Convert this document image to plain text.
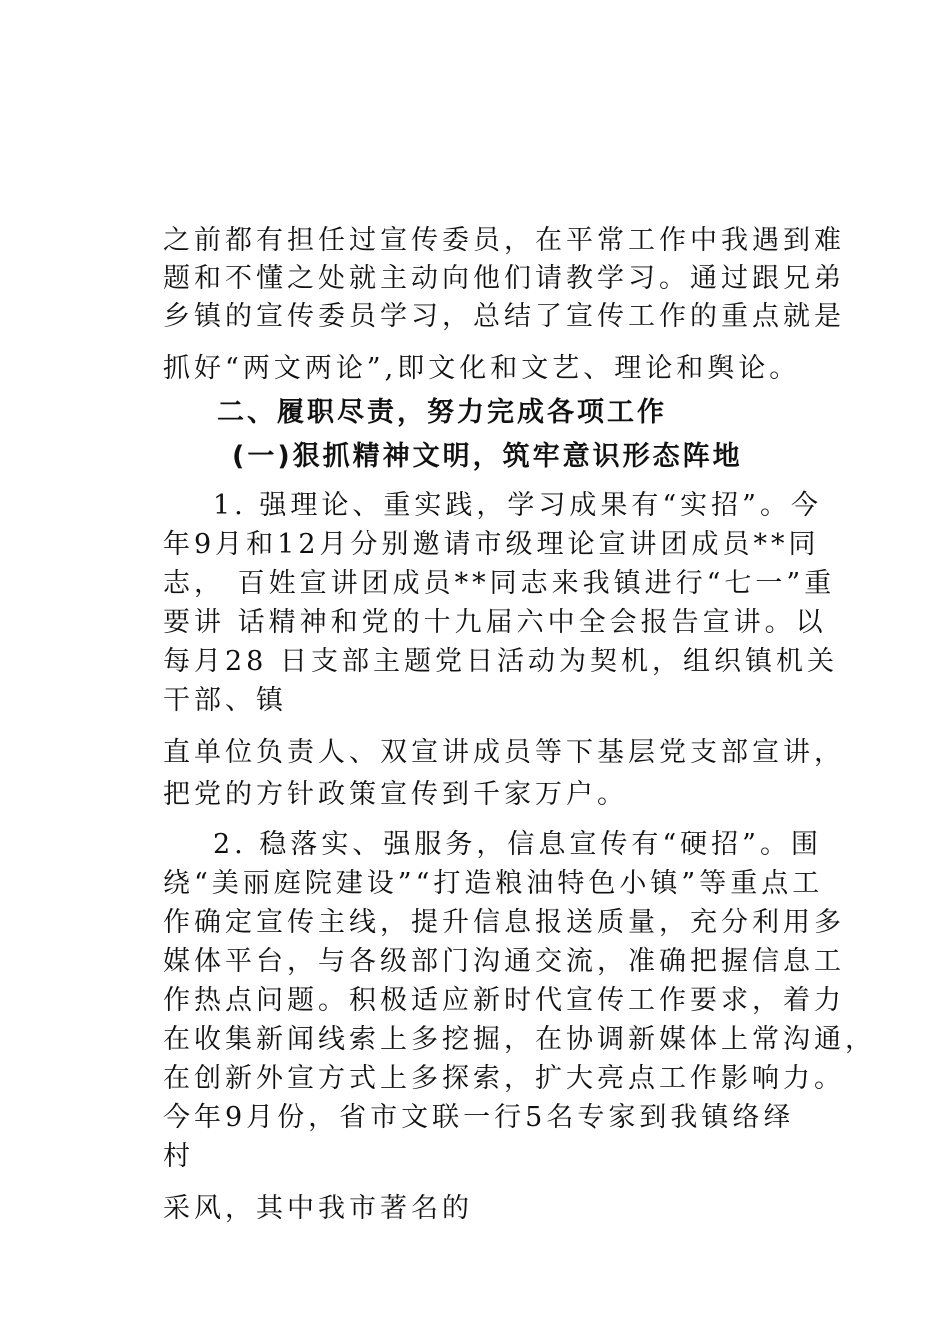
之前都有担任过宣传委员，在平常工作中我遇到难
题和不懂之处就主动向他们请教学习。通过跟兄弟
乡镇的宣传委员学习，总结了宣传工作的重点就是
抓好“两文两论”,即文化和文艺、理论和舆论。
二、履职尽责，努力完成各项工作
(一)狠抓精神文明，筑牢意识形态阵地
1. 强理论、重实践，学习成果有“实招”。今
年9月和12月分别邀请市级理论宣讲团成员**同
志， 百姓宣讲团成员**同志来我镇进行“七一”重
要讲 话精神和党的十九届六中全会报告宣讲。以
每月28 日支部主题党日活动为契机，组织镇机关
干部、镇
直单位负责人、双宣讲成员等下基层党支部宣讲，
把党的方针政策宣传到千家万户。
2. 稳落实、强服务，信息宣传有“硬招”。围
绕“美丽庭院建设”“打造粮油特色小镇”等重点工
作确定宣传主线，提升信息报送质量，充分利用多
媒体平台，与各级部门沟通交流，准确把握信息工
作热点问题。积极适应新时代宣传工作要求，着力
在收集新闻线索上多挖掘，在协调新媒体上常沟通，
在创新外宣方式上多探索，扩大亮点工作影响力。
今年9月份，省市文联一行5名专家到我镇络绎
村
采风，其中我市著名的
